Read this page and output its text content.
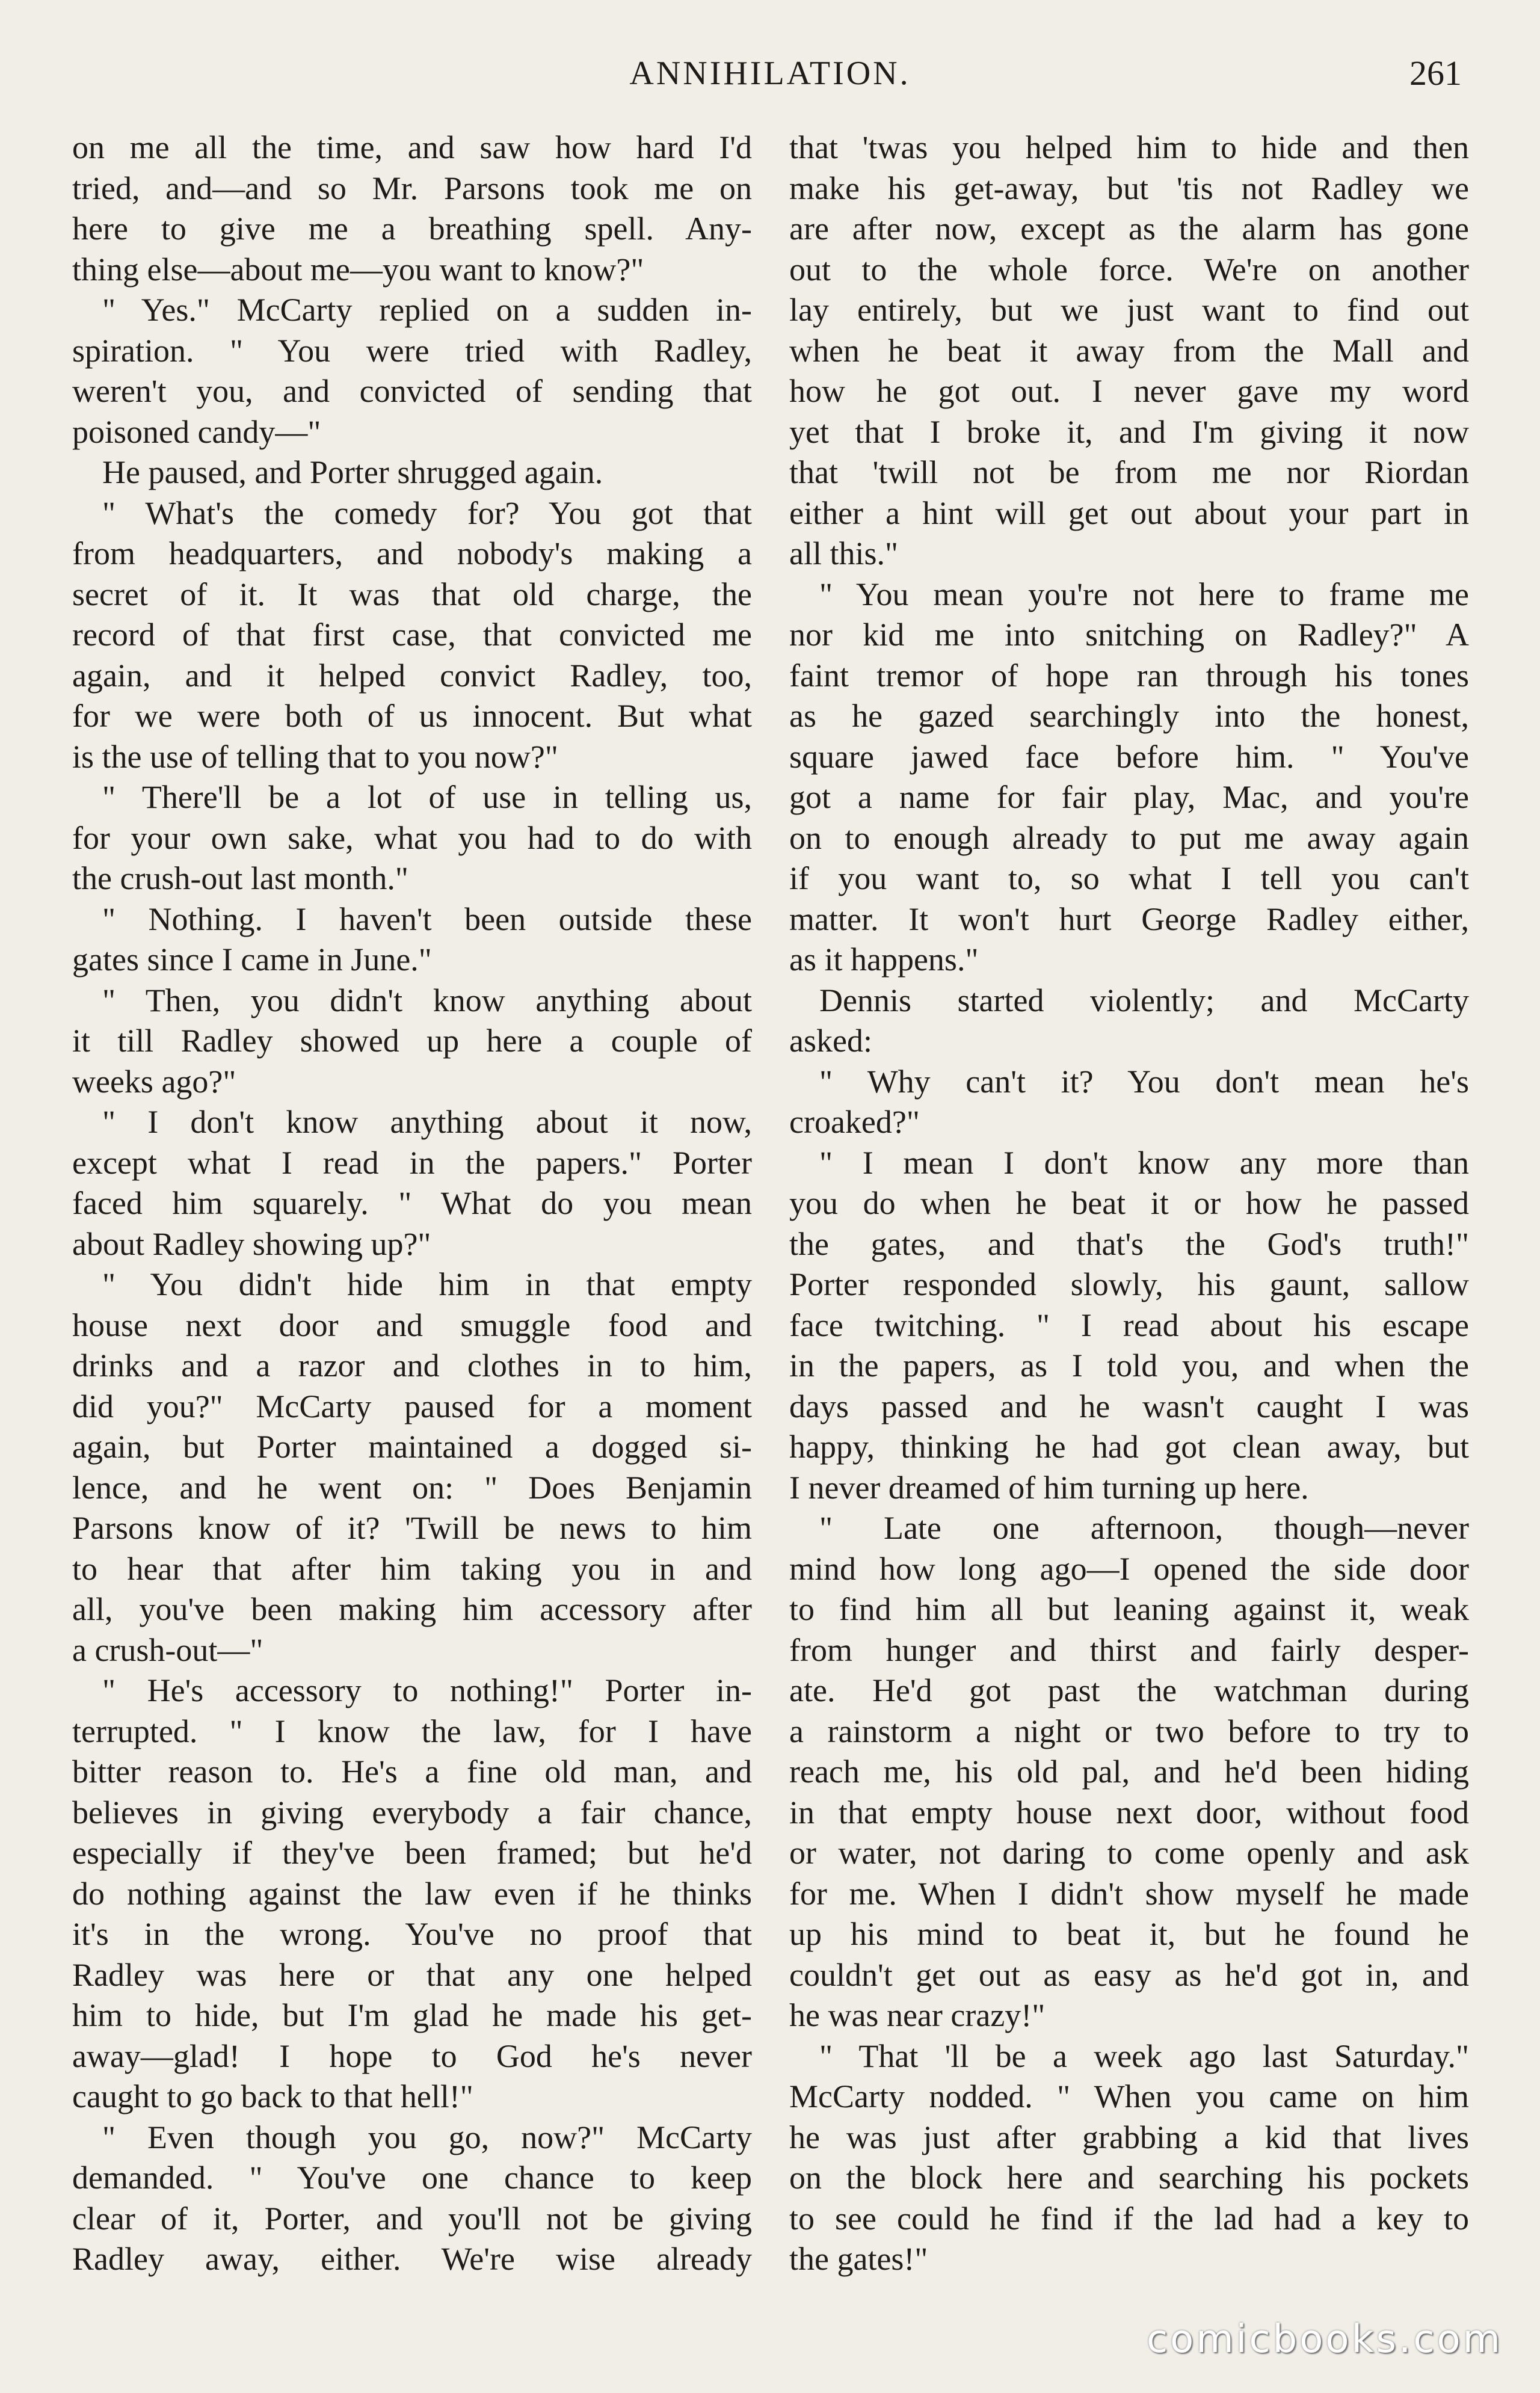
ANNIHILATION.	261
on me all the time, and saw how hard I'd
tried, and—and so Mr. Parsons took me on
here to give me a breathing spell. Any-
thing else—about me—you want to know?"
" Yes." McCarty replied on a sudden in-
spiration. " You were tried with Radley,
weren't you, and convicted of sending that
poisoned candy—"
He paused, and Porter shrugged again.
" What's the comedy for? You got that
from headquarters, and nobody's making a
secret of it. It was that old charge, the
record of that first case, that convicted me
again, and it helped convict Radley, too,
for we were both of us innocent. But what
is the use of telling that to you now?"
" There'll be a lot of use in telling us,
for your own sake, what you had to do with
the crush-out last month."
" Nothing. I haven't been outside these
gates since I came in June."
" Then, you didn't know anything about
it till Radley showed up here a couple of
weeks ago?"
" I don't know anything about it now,
except what I read in the papers." Porter
faced him squarely. " What do you mean
about Radley showing up?"
" You didn't hide him in that empty
house next door and smuggle food and
drinks and a razor and clothes in to him,
did you?" McCarty paused for a moment
again, but Porter maintained a dogged si-
lence, and he went on: " Does Benjamin
Parsons know of it? 'Twill be news to him
to hear that after him taking you in and
all, you've been making him accessory after
a crush-out—"
" He's accessory to nothing!" Porter in-
terrupted. " I know the law, for I have
bitter reason to. He's a fine old man, and
believes in giving everybody a fair chance,
especially if they've been framed; but he'd
do nothing against the law even if he thinks
it's in the wrong. You've no proof that
Radley was here or that any one helped
him to hide, but I'm glad he made his get-
away—glad! I hope to God he's never
caught to go back to that hell!"
" Even though you go, now?" McCarty
demanded. " You've one chance to keep
clear of it, Porter, and you'll not be giving
Radley away, either. We're wise already
that 'twas you helped him to hide and then
make his get-away, but 'tis not Radley we
are after now, except as the alarm has gone
out to the whole force. We're on another
lay entirely, but we just want to find out
when he beat it away from the Mall and
how he got out. I never gave my word
yet that I broke it, and I'm giving it now
that 'twill not be from me nor Riordan
either a hint will get out about your part in
all this."
" You mean you're not here to frame me
nor kid me into snitching on Radley?" A
faint tremor of hope ran through his tones
as he gazed searchingly into the honest,
square jawed face before him. " You've
got a name for fair play, Mac, and you're
on to enough already to put me away again
if you want to, so what I tell you can't
matter. It won't hurt George Radley either,
as it happens."
Dennis started violently; and McCarty
asked:
" Why can't it? You don't mean he's
croaked?"
" I mean I don't know any more than
you do when he beat it or how he passed
the gates, and that's the God's truth!"
Porter responded slowly, his gaunt, sallow
face twitching. " I read about his escape
in the papers, as I told you, and when the
days passed and he wasn't caught I was
happy, thinking he had got clean away, but
I never dreamed of him turning up here.
" Late one afternoon, though—never
mind how long ago—I opened the side door
to find him all but leaning against it, weak
from hunger and thirst and fairly desper-
ate. He'd got past the watchman during
a rainstorm a night or two before to try to
reach me, his old pal, and he'd been hiding
in that empty house next door, without food
or water, not daring to come openly and ask
for me. When I didn't show myself he made
up his mind to beat it, but he found he
couldn't get out as easy as he'd got in, and
he was near crazy!"
" That 'll be a week ago last Saturday."
McCarty nodded. " When you came on him
he was just after grabbing a kid that lives
on the block here and searching his pockets
to see could he find if the lad had a key to
the gates!"
comicbooks.com
